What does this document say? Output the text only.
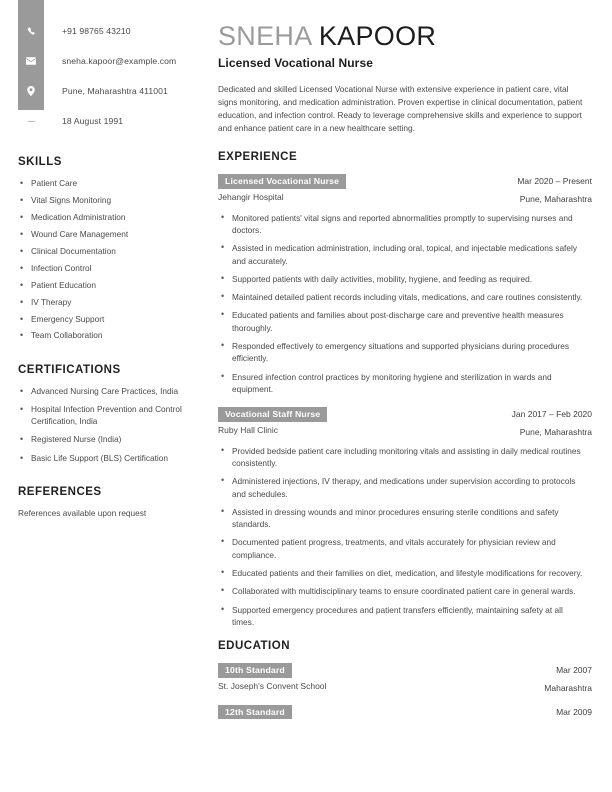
+91 98765 43210
sneha.kapoor@example.com
Pune, Maharashtra 411001
18 August 1991
SKILLS
• Patient Care
• Vital Signs Monitoring
• Medication Administration
• Wound Care Management
• Clinical Documentation
• Infection Control
• Patient Education
• IV Therapy
• Emergency Support
• Team Collaboration
CERTIFICATIONS
• Advanced Nursing Care Practices, India
• Hospital Infection Prevention and Control Certification, India
• Registered Nurse (India)
• Basic Life Support (BLS) Certification
REFERENCES
References available upon request
SNEHA KAPOOR
Licensed Vocational Nurse
Dedicated and skilled Licensed Vocational Nurse with extensive experience in patient care, vital signs monitoring, and medication administration. Proven expertise in clinical documentation, patient education, and infection control. Ready to leverage comprehensive skills and experience to support and enhance patient care in a new healthcare setting.
EXPERIENCE
Licensed Vocational Nurse	Mar 2020 – Present
Jehangir Hospital	Pune, Maharashtra
• Monitored patients' vital signs and reported abnormalities promptly to supervising nurses and doctors.
• Assisted in medication administration, including oral, topical, and injectable medications safely and accurately.
• Supported patients with daily activities, mobility, hygiene, and feeding as required.
• Maintained detailed patient records including vitals, medications, and care routines consistently.
• Educated patients and families about post-discharge care and preventive health measures thoroughly.
• Responded effectively to emergency situations and supported physicians during procedures efficiently.
• Ensured infection control practices by monitoring hygiene and sterilization in wards and equipment.
Vocational Staff Nurse	Jan 2017 – Feb 2020
Ruby Hall Clinic	Pune, Maharashtra
• Provided bedside patient care including monitoring vitals and assisting in daily medical routines consistently.
• Administered injections, IV therapy, and medications under supervision according to protocols and schedules.
• Assisted in dressing wounds and minor procedures ensuring sterile conditions and safety standards.
• Documented patient progress, treatments, and vitals accurately for physician review and compliance.
• Educated patients and their families on diet, medication, and lifestyle modifications for recovery.
• Collaborated with multidisciplinary teams to ensure coordinated patient care in general wards.
• Supported emergency procedures and patient transfers efficiently, maintaining safety at all times.
EDUCATION
10th Standard	Mar 2007
St. Joseph's Convent School	Maharashtra
12th Standard	Mar 2009
